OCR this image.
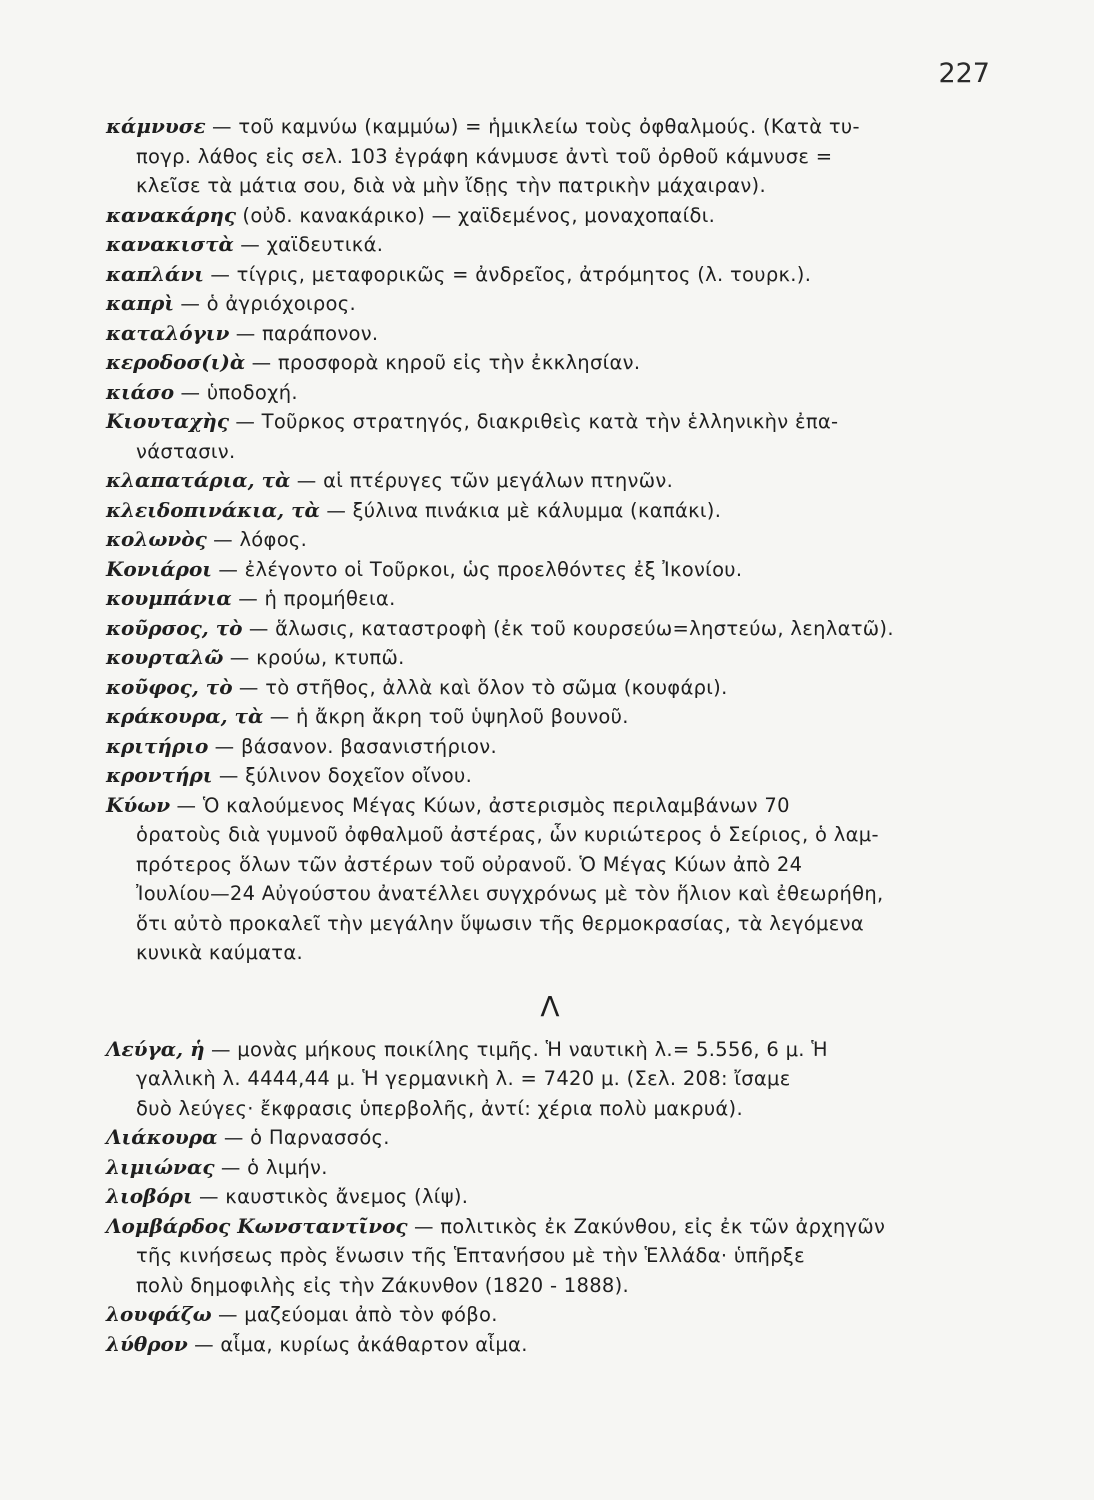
227
κάμνυσε — τοῦ καμνύω (καμμύω) = ἡμικλείω τοὺς ὀφθαλμούς. (Κατὰ τυ-
πογρ. λάθος εἰς σελ. 103 ἐγράφη κάνμυσε ἀντὶ τοῦ ὀρθοῦ κάμνυσε =
κλεῖσε τὰ μάτια σου, διὰ νὰ μὴν ἴδῃς τὴν πατρικὴν μάχαιραν).
κανακάρης (οὐδ. κανακάρικο) — χαϊδεμένος, μοναχοπαίδι.
κανακιστὰ — χαϊδευτικά.
καπλάνι — τίγρις, μεταφορικῶς = ἀνδρεῖος, ἀτρόμητος (λ. τουρκ.).
καπρὶ — ὁ ἀγριόχοιρος.
καταλόγιν — παράπονον.
κερoδoσ(ι)ὰ — προσφορὰ κηροῦ εἰς τὴν ἐκκλησίαν.
κιάσο — ὑποδοχή.
Κιουταχὴς — Τοῦρκος στρατηγός, διακριθεὶς κατὰ τὴν ἑλληνικὴν ἐπα-
νάστασιν.
κλαπατάρια, τὰ — αἱ πτέρυγες τῶν μεγάλων πτηνῶν.
κλειδοπινάκια, τὰ — ξύλινα πινάκια μὲ κάλυμμα (καπάκι).
κολωνὸς — λόφος.
Κονιάροι — ἐλέγοντο οἱ Τοῦρκοι, ὡς προελθόντες ἐξ Ἰκονίου.
κουμπάνια — ἡ προμήθεια.
κοῦρσος, τὸ — ἅλωσις, καταστροφὴ (ἐκ τοῦ κουρσεύω=ληστεύω, λεηλατῶ).
κουρταλῶ — κρούω, κτυπῶ.
κοῦφος, τὸ — τὸ στῆθος, ἀλλὰ καὶ ὅλον τὸ σῶμα (κουφάρι).
κράκουρα, τὰ — ἡ ἄκρη ἄκρη τοῦ ὑψηλοῦ βουνοῦ.
κριτήριο — βάσανον. βασανιστήριον.
κροντήρι — ξύλινον δοχεῖον οἴνου.
Κύων — Ὁ καλούμενος Μέγας Κύων, ἀστερισμὸς περιλαμβάνων 70
ὁρατοὺς διὰ γυμνοῦ ὀφθαλμοῦ ἀστέρας, ὧν κυριώτερος ὁ Σείριος, ὁ λαμ-
πρότερος ὅλων τῶν ἀστέρων τοῦ οὐρανοῦ. Ὁ Μέγας Κύων ἀπὸ 24
Ἰουλίου—24 Αὐγούστου ἀνατέλλει συγχρόνως μὲ τὸν ἥλιον καὶ ἐθεωρήθη,
ὅτι αὐτὸ προκαλεῖ τὴν μεγάλην ὕψωσιν τῆς θερμοκρασίας, τὰ λεγόμενα
κυνικὰ καύματα.
Λ
Λεύγα, ἡ — μονὰς μήκους ποικίλης τιμῆς. Ἡ ναυτικὴ λ.= 5.556, 6 μ. Ἡ
γαλλικὴ λ. 4444,44 μ. Ἡ γερμανικὴ λ. = 7420 μ. (Σελ. 208: ἴσαμε
δυὸ λεύγες· ἔκφρασις ὑπερβολῆς, ἀντί: χέρια πολὺ μακρυά).
Λιάκουρα — ὁ Παρνασσός.
λιμιώνας — ὁ λιμήν.
λιοβόρι — καυστικὸς ἄνεμος (λίψ).
Λομβάρδος Κωνσταντῖνος — πολιτικὸς ἐκ Ζακύνθου, εἰς ἐκ τῶν ἀρχηγῶν
τῆς κινήσεως πρὸς ἕνωσιν τῆς Ἑπτανήσου μὲ τὴν Ἑλλάδα· ὑπῆρξε
πολὺ δημοφιλὴς εἰς τὴν Ζάκυνθον (1820 - 1888).
λουφάζω — μαζεύομαι ἀπὸ τὸν φόβο.
λύθρον — αἷμα, κυρίως ἀκάθαρτον αἷμα.
